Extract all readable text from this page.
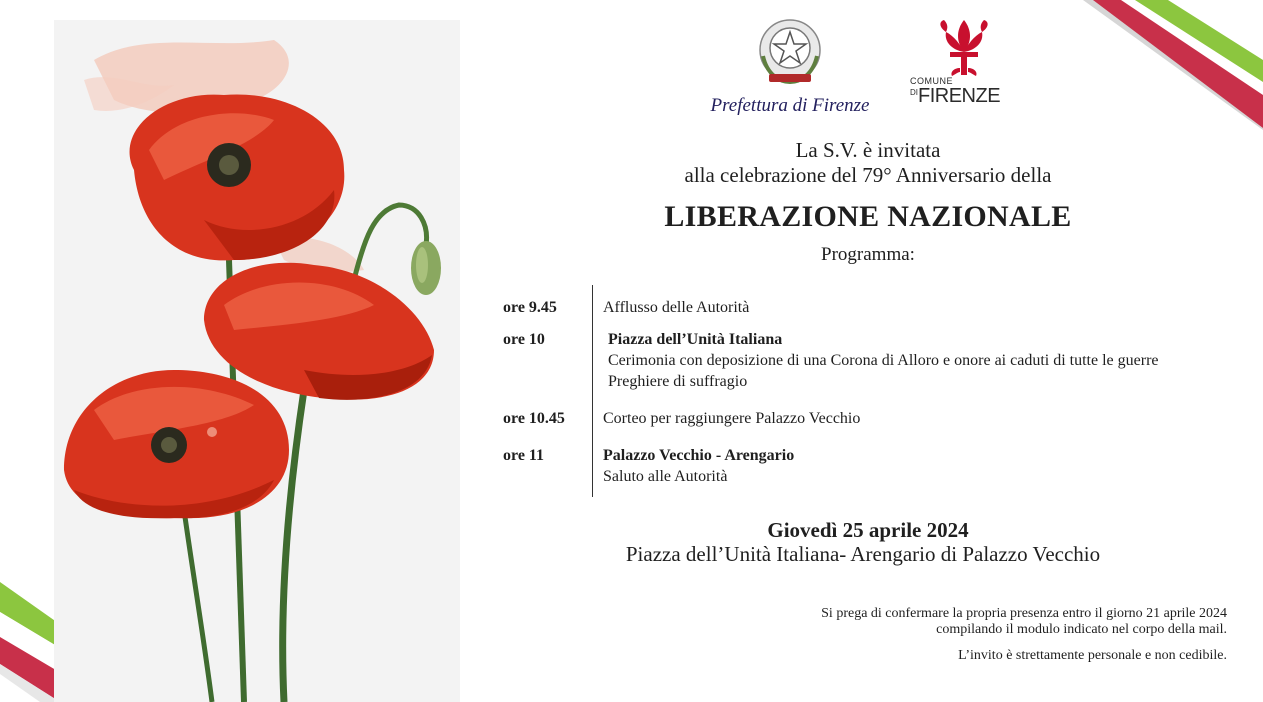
Prefettura di Firenze
COMUNE
DIFIRENZE
La S.V. è invitata
alla celebrazione del 79° Anniversario della
LIBERAZIONE NAZIONALE
Programma:
ore 9.45	Afflusso delle Autorità
ore 10	Piazza dell’Unità Italiana
Cerimonia con deposizione di una Corona di Alloro e onore ai caduti di tutte le guerre
Preghiere di suffragio
ore 10.45	Corteo per raggiungere Palazzo Vecchio
ore 11	Palazzo Vecchio - Arengario
Saluto alle Autorità
Giovedì 25 aprile 2024
Piazza dell’Unità Italiana- Arengario di Palazzo Vecchio
Si prega di confermare la propria presenza entro il giorno 21 aprile 2024
compilando il modulo indicato nel corpo della mail.
L’invito è strettamente personale e non cedibile.
